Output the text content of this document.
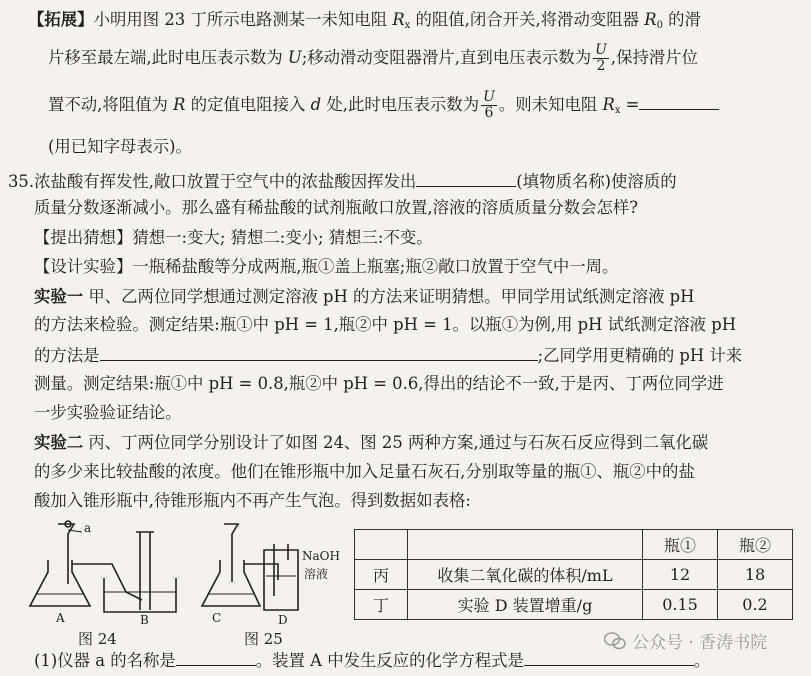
【拓展】小明用图 23 丁所示电路测某一未知电阻 $R_x$ 的阻值,闭合开关,将滑动变阻器 $R_0$ 的滑
片移至最左端,此时电压表示数为 U;移动滑动变阻器滑片,直到电压表示数为 $\frac{U}{2}$ ,保持滑片位
置不动,将阻值为 R 的定值电阻接入 d 处,此时电压表示数为 $\frac{U}{6}$ 。则未知电阻 $R_x$ =
(用已知字母表示)。
35.浓盐酸有挥发性,敞口放置于空气中的浓盐酸因挥发出	(填物质名称)使溶质的
质量分数逐渐减小。那么盛有稀盐酸的试剂瓶敞口放置,溶液的溶质质量分数会怎样?
【提出猜想】猜想一:变大; 猜想二:变小; 猜想三:不变。
【设计实验】一瓶稀盐酸等分成两瓶,瓶①盖上瓶塞;瓶②敞口放置于空气中一周。
实验一 甲、乙两位同学想通过测定溶液 pH 的方法来证明猜想。甲同学用试纸测定溶液 pH
的方法来检验。测定结果:瓶①中 pH = 1,瓶②中 pH = 1。以瓶①为例,用 pH 试纸测定溶液 pH
的方法是	;乙同学用更精确的 pH 计来
测量。测定结果:瓶①中 pH = 0.8,瓶②中 pH = 0.6,得出的结论不一致,于是丙、丁两位同学进
一步实验验证结论。
实验二 丙、丁两位同学分别设计了如图 24、图 25 两种方案,通过与石灰石反应得到二氧化碳
的多少来比较盐酸的浓度。他们在锥形瓶中加入足量石灰石,分别取等量的瓶①、瓶②中的盐
酸加入锥形瓶中,待锥形瓶内不再产生气泡。得到数据如表格:
a
A	B	C	D
NaOH
溶液
图 24	图 25
		瓶①	瓶②
丙	收集二氧化碳的体积/mL	12	18
丁	实验 D 装置增重/g	0.15	0.2
(1)仪器 a 的名称是	。装置 A 中发生反应的化学方程式是	。
公众号 · 香涛书院
